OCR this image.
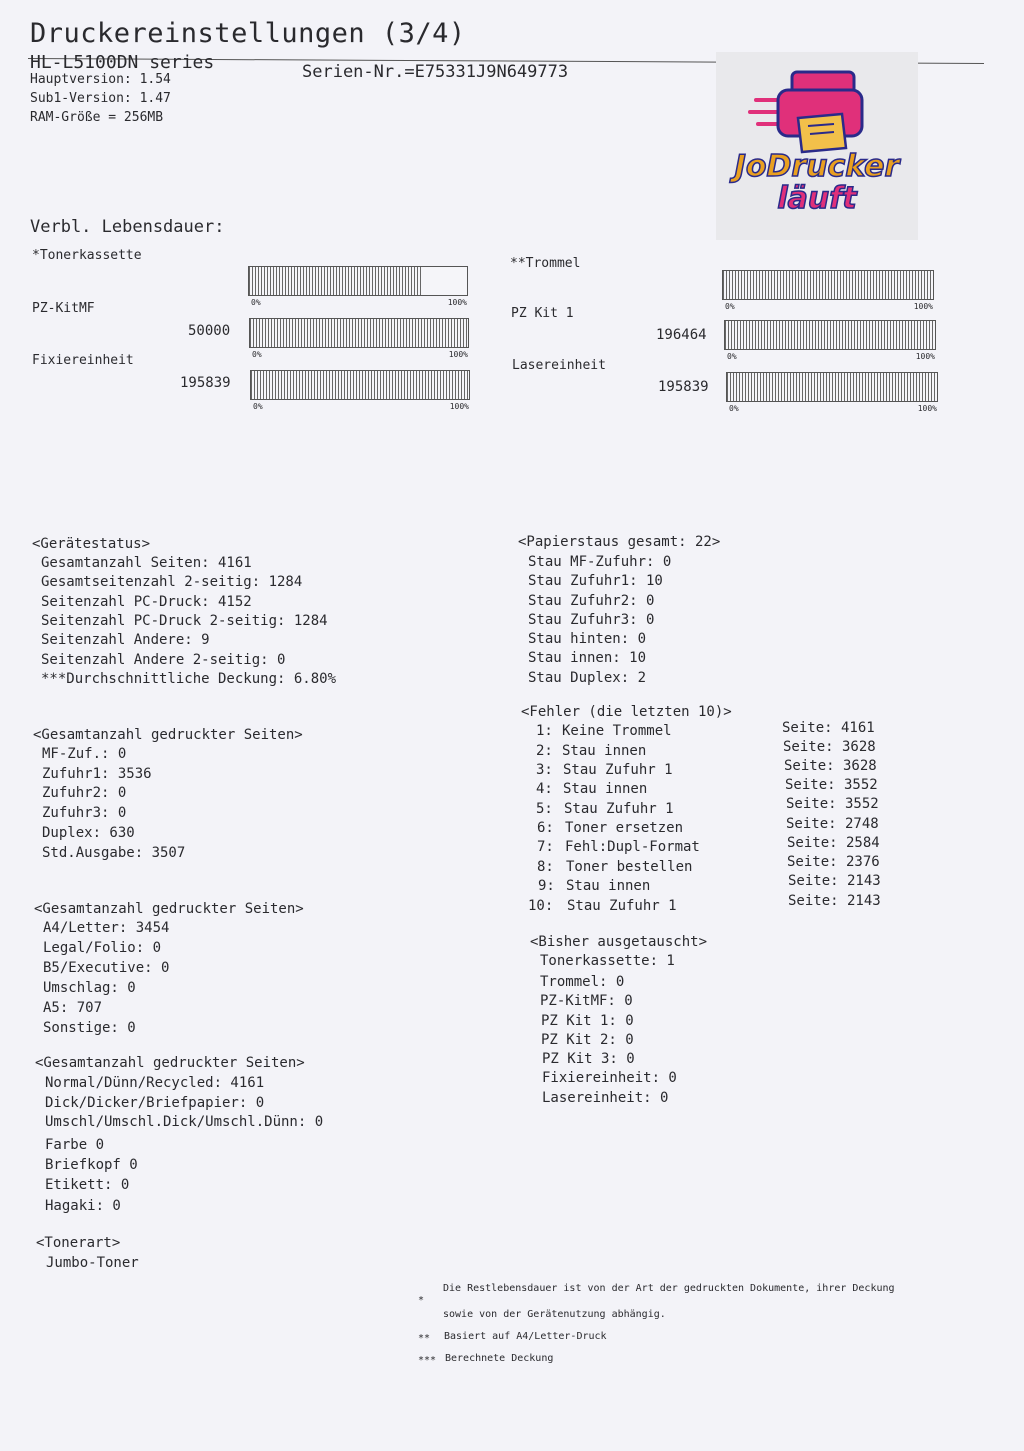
Druckereinstellungen (3/4)
HL-L5100DN series
Hauptversion: 1.54
Sub1-Version: 1.47
RAM-Größe = 256MB
Serien-Nr.=E75331J9N649773
JoDrucker
läuft
Verbl. Lebensdauer:
*Tonerkassette
0%	100%
PZ-KitMF
50000
0%	100%
Fixiereinheit
195839
0%	100%
**Trommel
0%	100%
PZ Kit 1
196464
0%	100%
Lasereinheit
195839
0%	100%
<Gerätestatus>
Gesamtanzahl Seiten: 4161
Gesamtseitenzahl 2-seitig: 1284
Seitenzahl PC-Druck: 4152
Seitenzahl PC-Druck 2-seitig: 1284
Seitenzahl Andere: 9
Seitenzahl Andere 2-seitig: 0
***Durchschnittliche Deckung: 6.80%
<Gesamtanzahl gedruckter Seiten>
MF-Zuf.: 0
Zufuhr1: 3536
Zufuhr2: 0
Zufuhr3: 0
Duplex: 630
Std.Ausgabe: 3507
<Gesamtanzahl gedruckter Seiten>
A4/Letter: 3454
Legal/Folio: 0
B5/Executive: 0
Umschlag: 0
A5: 707
Sonstige: 0
<Gesamtanzahl gedruckter Seiten>
Normal/Dünn/Recycled: 4161
Dick/Dicker/Briefpapier: 0
Umschl/Umschl.Dick/Umschl.Dünn: 0
Farbe 0
Briefkopf 0
Etikett: 0
Hagaki: 0
<Tonerart>
Jumbo-Toner
<Papierstaus gesamt: 22>
Stau MF-Zufuhr: 0
Stau Zufuhr1: 10
Stau Zufuhr2: 0
Stau Zufuhr3: 0
Stau hinten: 0
Stau innen: 10
Stau Duplex: 2
<Fehler (die letzten 10)>
1: Keine Trommel	Seite: 4161
2: Stau innen	Seite: 3628
3: Stau Zufuhr 1	Seite: 3628
4: Stau innen	Seite: 3552
5: Stau Zufuhr 1	Seite: 3552
6: Toner ersetzen	Seite: 2748
7: Fehl:Dupl-Format	Seite: 2584
8: Toner bestellen	Seite: 2376
9: Stau innen	Seite: 2143
10: Stau Zufuhr 1	Seite: 2143
<Bisher ausgetauscht>
Tonerkassette: 1
Trommel: 0
PZ-KitMF: 0
PZ Kit 1: 0
PZ Kit 2: 0
PZ Kit 3: 0
Fixiereinheit: 0
Lasereinheit: 0
*
Die Restlebensdauer ist von der Art der gedruckten Dokumente, ihrer Deckung
sowie von der Gerätenutzung abhängig.
** Basiert auf A4/Letter-Druck
*** Berechnete Deckung
